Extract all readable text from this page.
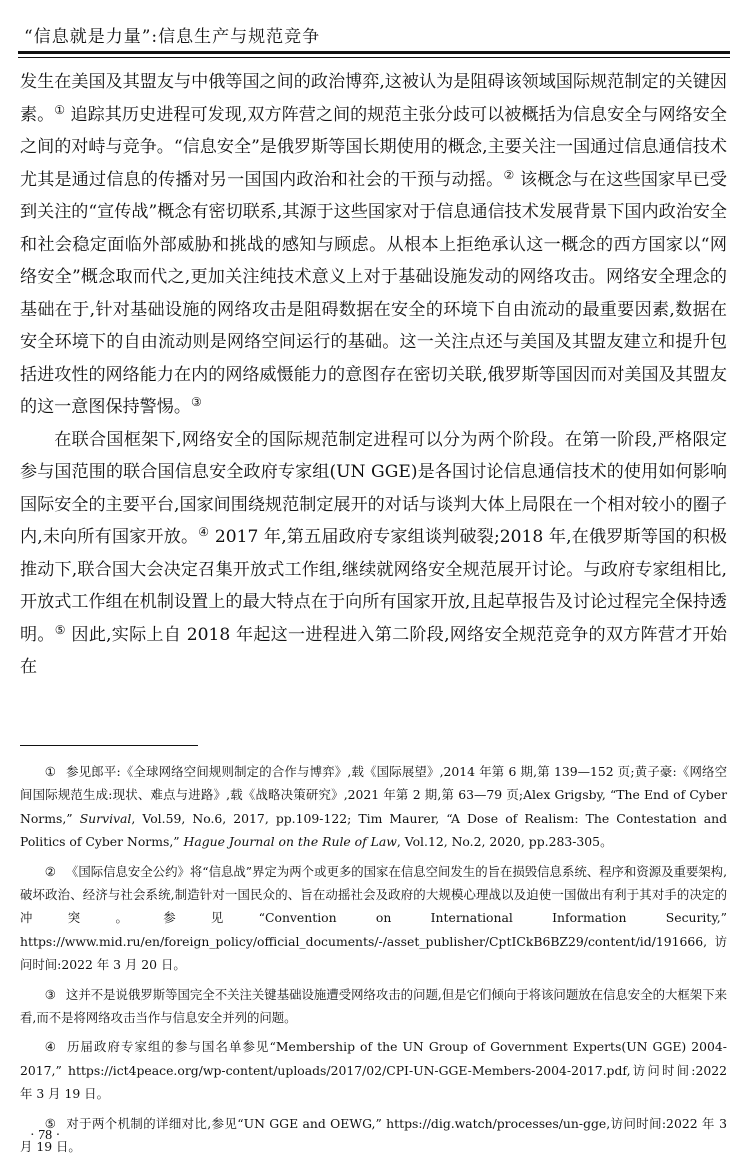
“信息就是力量”:信息生产与规范竞争

发生在美国及其盟友与中俄等国之间的政治博弈,这被认为是阻碍该领域国际规范制定的关键因素。① 追踪其历史进程可发现,双方阵营之间的规范主张分歧可以被概括为信息安全与网络安全之间的对峙与竞争。“信息安全”是俄罗斯等国长期使用的概念,主要关注一国通过信息通信技术尤其是通过信息的传播对另一国国内政治和社会的干预与动摇。② 该概念与在这些国家早已受到关注的“宣传战”概念有密切联系,其源于这些国家对于信息通信技术发展背景下国内政治安全和社会稳定面临外部威胁和挑战的感知与顾虑。从根本上拒绝承认这一概念的西方国家以“网络安全”概念取而代之,更加关注纯技术意义上对于基础设施发动的网络攻击。网络安全理念的基础在于,针对基础设施的网络攻击是阻碍数据在安全的环境下自由流动的最重要因素,数据在安全环境下的自由流动则是网络空间运行的基础。这一关注点还与美国及其盟友建立和提升包括进攻性的网络能力在内的网络威慑能力的意图存在密切关联,俄罗斯等国因而对美国及其盟友的这一意图保持警惕。③

在联合国框架下,网络安全的国际规范制定进程可以分为两个阶段。在第一阶段,严格限定参与国范围的联合国信息安全政府专家组(UN GGE)是各国讨论信息通信技术的使用如何影响国际安全的主要平台,国家间围绕规范制定展开的对话与谈判大体上局限在一个相对较小的圈子内,未向所有国家开放。④ 2017 年,第五届政府专家组谈判破裂;2018 年,在俄罗斯等国的积极推动下,联合国大会决定召集开放式工作组,继续就网络安全规范展开讨论。与政府专家组相比,开放式工作组在机制设置上的最大特点在于向所有国家开放,且起草报告及讨论过程完全保持透明。⑤ 因此,实际上自 2018 年起这一进程进入第二阶段,网络安全规范竞争的双方阵营才开始在

① 参见郎平:《全球网络空间规则制定的合作与博弈》,载《国际展望》,2014 年第 6 期,第 139—152 页;黄子豪:《网络空间国际规范生成:现状、难点与进路》,载《战略决策研究》,2021 年第 2 期,第 63—79 页;Alex Grigsby, “The End of Cyber Norms,” Survival, Vol.59, No.6, 2017, pp.109-122; Tim Maurer, “A Dose of Realism: The Contestation and Politics of Cyber Norms,” Hague Journal on the Rule of Law, Vol.12, No.2, 2020, pp.283-305。

② 《国际信息安全公约》将“信息战”界定为两个或更多的国家在信息空间发生的旨在损毁信息系统、程序和资源及重要架构,破坏政治、经济与社会系统,制造针对一国民众的、旨在动摇社会及政府的大规模心理战以及迫使一国做出有利于其对手的决定的冲突。参见“Convention on International Information Security,” https://www.mid.ru/en/foreign_policy/official_documents/-/asset_publisher/CptICkB6BZ29/content/id/191666,访问时间:2022 年 3 月 20 日。

③ 这并不是说俄罗斯等国完全不关注关键基础设施遭受网络攻击的问题,但是它们倾向于将该问题放在信息安全的大框架下来看,而不是将网络攻击当作与信息安全并列的问题。

④ 历届政府专家组的参与国名单参见“Membership of the UN Group of Government Experts(UN GGE) 2004-2017,” https://ict4peace.org/wp-content/uploads/2017/02/CPI-UN-GGE-Members-2004-2017.pdf,访问时间:2022 年 3 月 19 日。

⑤ 对于两个机制的详细对比,参见“UN GGE and OEWG,” https://dig.watch/processes/un-gge,访问时间:2022 年 3 月 19 日。

· 78 ·
